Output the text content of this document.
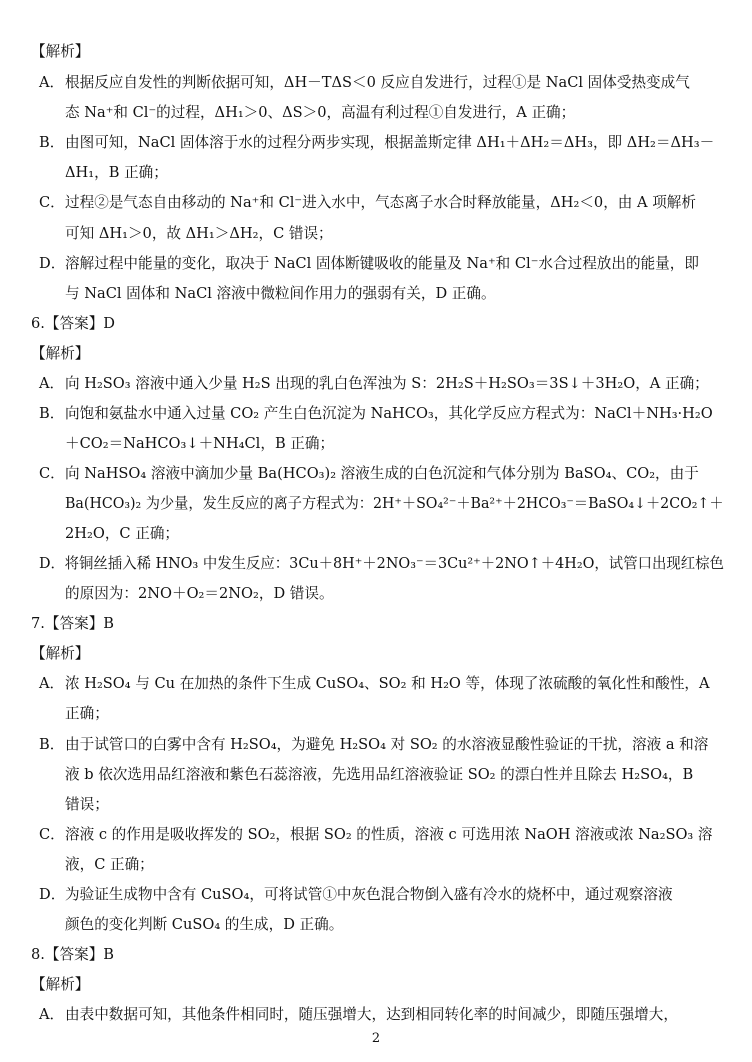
【解析】
A．根据反应自发性的判断依据可知，ΔH－TΔS＜0 反应自发进行，过程①是 NaCl 固体受热变成气
态 Na⁺和 Cl⁻的过程，ΔH₁＞0、ΔS＞0，高温有利过程①自发进行，A 正确；
B．由图可知，NaCl 固体溶于水的过程分两步实现，根据盖斯定律 ΔH₁＋ΔH₂＝ΔH₃，即 ΔH₂＝ΔH₃－
ΔH₁，B 正确；
C．过程②是气态自由移动的 Na⁺和 Cl⁻进入水中，气态离子水合时释放能量，ΔH₂＜0，由 A 项解析
可知 ΔH₁＞0，故 ΔH₁＞ΔH₂，C 错误；
D．溶解过程中能量的变化，取决于 NaCl 固体断键吸收的能量及 Na⁺和 Cl⁻水合过程放出的能量，即
与 NaCl 固体和 NaCl 溶液中微粒间作用力的强弱有关，D 正确。
6.【答案】D
【解析】
A．向 H₂SO₃ 溶液中通入少量 H₂S 出现的乳白色浑浊为 S：2H₂S＋H₂SO₃＝3S↓＋3H₂O，A 正确；
B．向饱和氨盐水中通入过量 CO₂ 产生白色沉淀为 NaHCO₃，其化学反应方程式为：NaCl＋NH₃·H₂O
＋CO₂＝NaHCO₃↓＋NH₄Cl，B 正确；
C．向 NaHSO₄ 溶液中滴加少量 Ba(HCO₃)₂ 溶液生成的白色沉淀和气体分别为 BaSO₄、CO₂，由于
Ba(HCO₃)₂ 为少量，发生反应的离子方程式为：2H⁺＋SO₄²⁻＋Ba²⁺＋2HCO₃⁻＝BaSO₄↓＋2CO₂↑＋
2H₂O，C 正确；
D．将铜丝插入稀 HNO₃ 中发生反应：3Cu＋8H⁺＋2NO₃⁻＝3Cu²⁺＋2NO↑＋4H₂O，试管口出现红棕色
的原因为：2NO＋O₂＝2NO₂，D 错误。
7.【答案】B
【解析】
A．浓 H₂SO₄ 与 Cu 在加热的条件下生成 CuSO₄、SO₂ 和 H₂O 等，体现了浓硫酸的氧化性和酸性，A
正确；
B．由于试管口的白雾中含有 H₂SO₄，为避免 H₂SO₄ 对 SO₂ 的水溶液显酸性验证的干扰，溶液 a 和溶
液 b 依次选用品红溶液和紫色石蕊溶液，先选用品红溶液验证 SO₂ 的漂白性并且除去 H₂SO₄，B
错误；
C．溶液 c 的作用是吸收挥发的 SO₂，根据 SO₂ 的性质，溶液 c 可选用浓 NaOH 溶液或浓 Na₂SO₃ 溶
液，C 正确；
D．为验证生成物中含有 CuSO₄，可将试管①中灰色混合物倒入盛有冷水的烧杯中，通过观察溶液
颜色的变化判断 CuSO₄ 的生成，D 正确。
8.【答案】B
【解析】
A．由表中数据可知，其他条件相同时，随压强增大，达到相同转化率的时间减少，即随压强增大，
2
